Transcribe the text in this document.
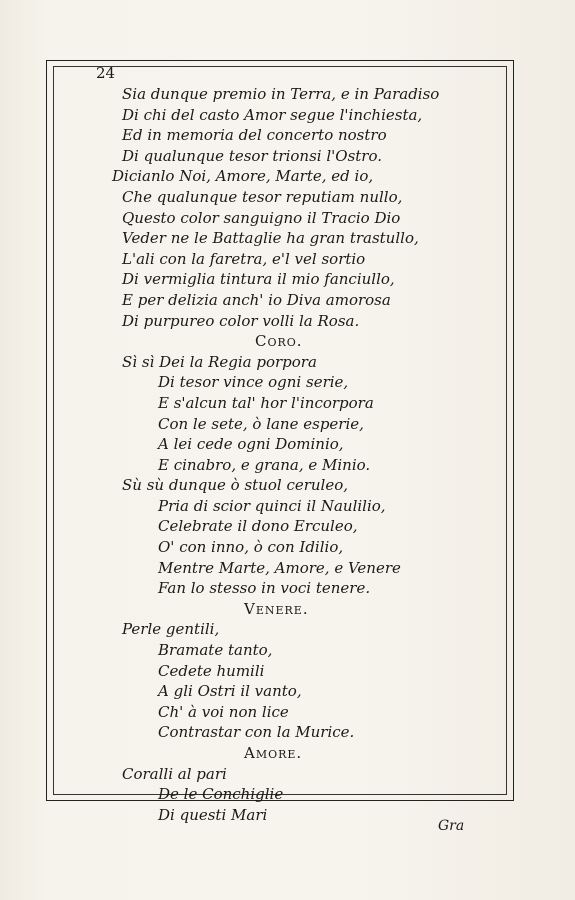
24
Sia dunque premio in Terra, e in Paradiso
Di chi del casto Amor segue l'inchiesta,
Ed in memoria del concerto nostro
Di qualunque tesor trionsi l'Ostro.
Dicianlo Noi, Amore, Marte, ed io,
Che qualunque tesor reputiam nullo,
Questo color sanguigno il Tracio Dio
Veder ne le Battaglie ha gran trastullo,
L'ali con la faretra, e'l vel sortio
Di vermiglia tintura il mio fanciullo,
E per delizia anch' io Diva amorosa
Di purpureo color volli la Rosa.
Coro.
Sì sì Dei la Regia porpora
Di tesor vince ogni serie,
E s'alcun tal' hor l'incorpora
Con le sete, ò lane esperie,
A lei cede ogni Dominio,
E cinabro, e grana, e Minio.
Sù sù dunque ò stuol ceruleo,
Pria di scior quinci il Naulilio,
Celebrate il dono Erculeo,
O' con inno, ò con Idilio,
Mentre Marte, Amore, e Venere
Fan lo stesso in voci tenere.
Venere.
Perle gentili,
Bramate tanto,
Cedete humili
A gli Ostri il vanto,
Ch' à voi non lice
Contrastar con la Murice.
Amore.
Coralli al pari
De le Conchiglie
Di questi Mari
Gra
